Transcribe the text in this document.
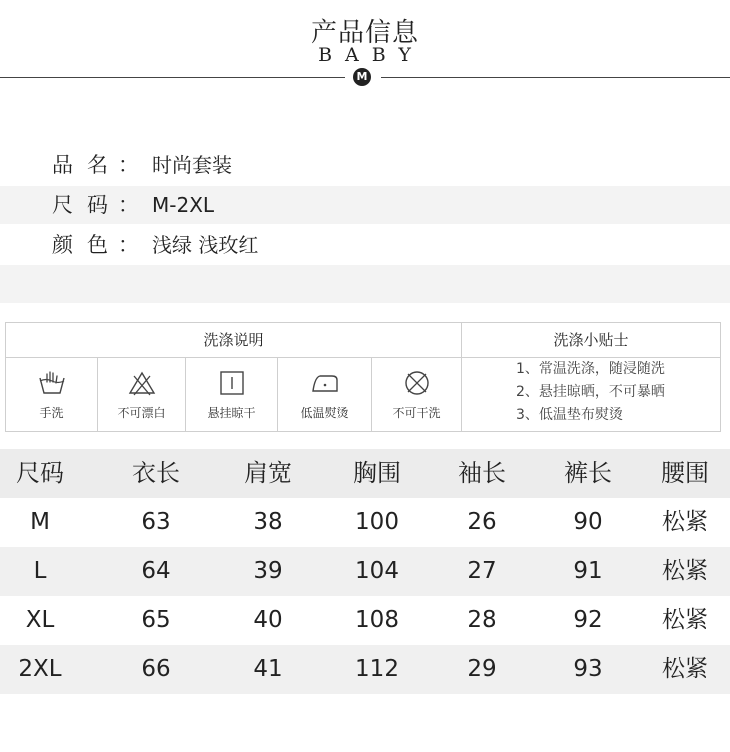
产品信息
BABY
M
品名
： 时尚套装
尺码
： M-2XL
颜色
： 浅绿 浅玫红
洗涤说明	洗涤小贴士
手洗	不可漂白	悬挂晾干	低温熨烫	不可干洗
1、常温洗涤，随浸随洗
2、悬挂晾晒，不可暴晒
3、低温垫布熨烫
尺码	衣长	肩宽	胸围	袖长	裤长	腰围
M	63	38	100	26	90	松紧
L	64	39	104	27	91	松紧
XL	65	40	108	28	92	松紧
2XL	66	41	112	29	93	松紧
